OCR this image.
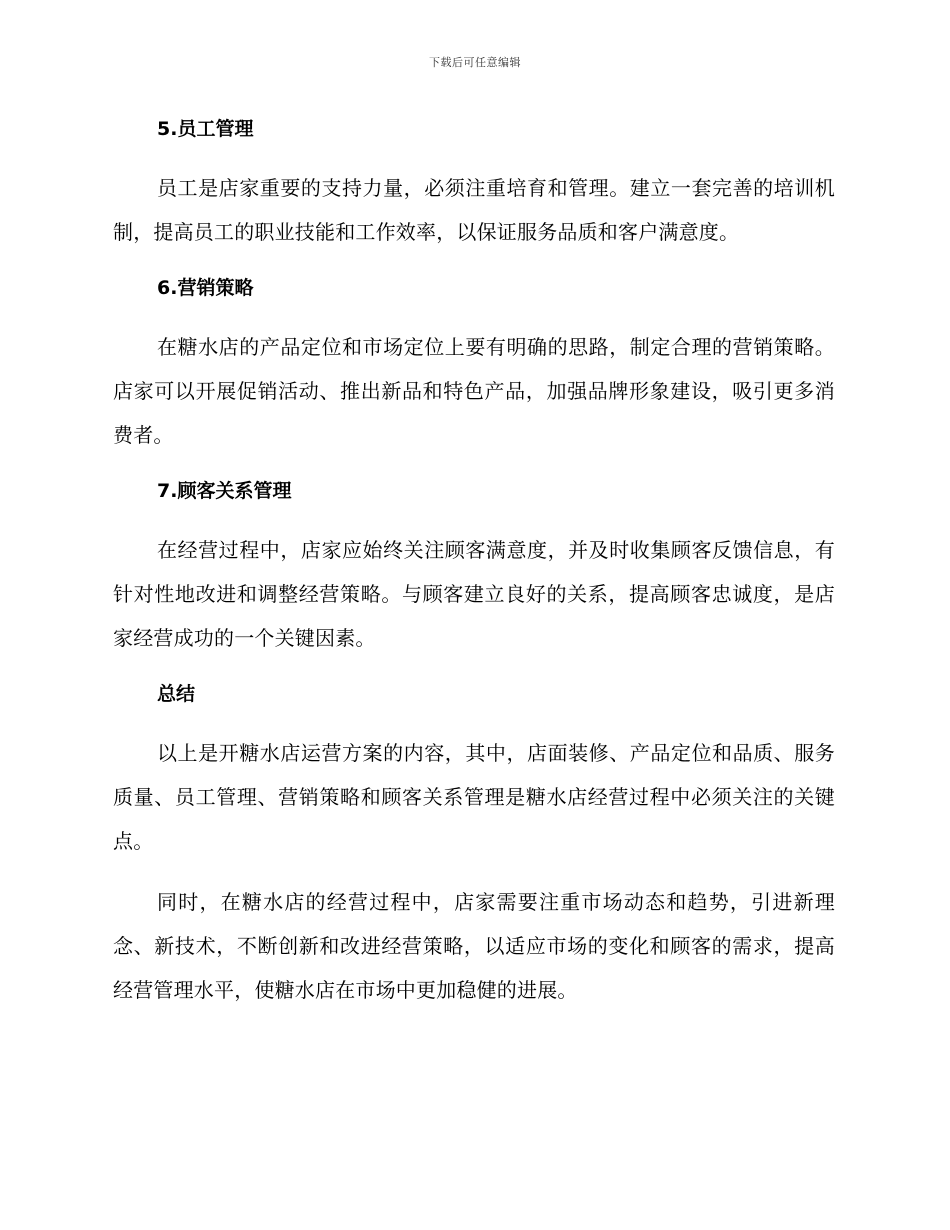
下载后可任意编辑
5.员工管理

员工是店家重要的支持力量，必须注重培育和管理。建立一套完善的培训机制，提高员工的职业技能和工作效率，以保证服务品质和客户满意度。

6.营销策略

在糖水店的产品定位和市场定位上要有明确的思路，制定合理的营销策略。店家可以开展促销活动、推出新品和特色产品，加强品牌形象建设，吸引更多消费者。

7.顾客关系管理

在经营过程中，店家应始终关注顾客满意度，并及时收集顾客反馈信息，有针对性地改进和调整经营策略。与顾客建立良好的关系，提高顾客忠诚度，是店家经营成功的一个关键因素。

总结

以上是开糖水店运营方案的内容，其中，店面装修、产品定位和品质、服务质量、员工管理、营销策略和顾客关系管理是糖水店经营过程中必须关注的关键点。

同时，在糖水店的经营过程中，店家需要注重市场动态和趋势，引进新理念、新技术，不断创新和改进经营策略，以适应市场的变化和顾客的需求，提高经营管理水平，使糖水店在市场中更加稳健的进展。
